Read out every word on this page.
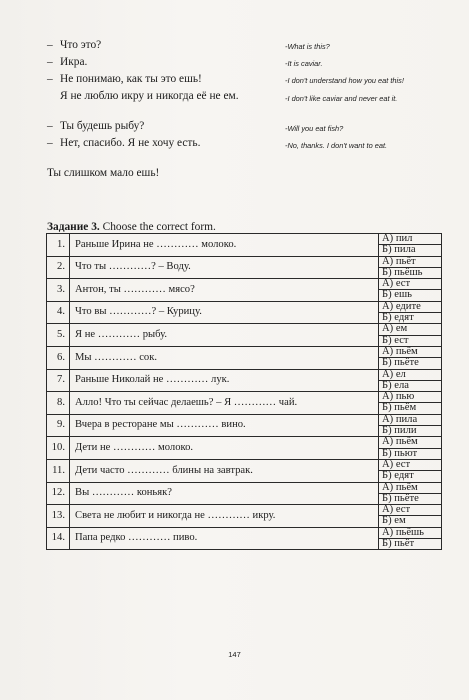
– Что это?	-What is this?
– Икра.	-It is caviar.
– Не понимаю, как ты это ешь!	-I don't understand how you eat this!
Я не люблю икру и никогда её не ем.	-I don't like caviar and never eat it.
– Ты будешь рыбу?	-Will you eat fish?
– Нет, спасибо. Я не хочу есть.	-No, thanks. I don't want to eat.
Ты слишком мало ешь!
Задание 3. Choose the correct form.
1.	Раньше Ирина не ………… молоко.	А) пил
		Б) пила
2.	Что ты …………? – Воду.	А) пьёт
		Б) пьёшь
3.	Антон, ты ………… мясо?	А) ест
		Б) ешь
4.	Что вы …………? – Курицу.	А) едите
		Б) едят
5.	Я не ………… рыбу.	А) ем
		Б) ест
6.	Мы ………… сок.	А) пьём
		Б) пьёте
7.	Раньше Николай не ………… лук.	А) ел
		Б) ела
8.	Алло! Что ты сейчас делаешь? – Я ………… чай.	А) пью
		Б) пьём
9.	Вчера в ресторане мы ………… вино.	А) пила
		Б) пили
10.	Дети не ………… молоко.	А) пьём
		Б) пьют
11.	Дети часто ………… блины на завтрак.	А) ест
		Б) едят
12.	Вы ………… коньяк?	А) пьём
		Б) пьёте
13.	Света не любит и никогда не ………… икру.	А) ест
		Б) ем
14.	Папа редко ………… пиво.	А) пьёшь
		Б) пьёт
147
